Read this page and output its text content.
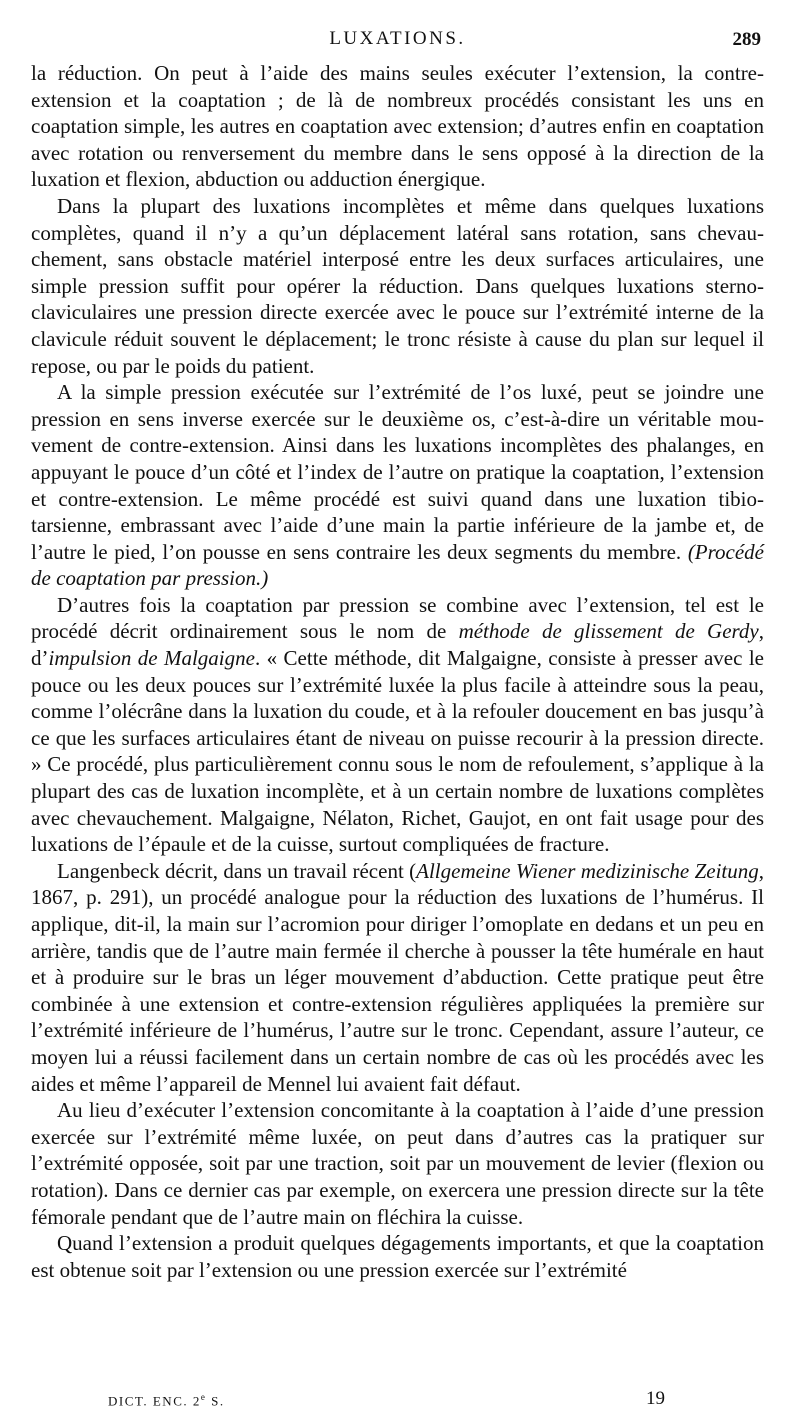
LUXATIONS.	289

la réduction. On peut à l’aide des mains seules exécuter l’extension, la contre-extension et la coaptation ; de là de nombreux procédés consistant les uns en coaptation simple, les autres en coaptation avec extension; d’autres enfin en coaptation avec rotation ou renversement du membre dans le sens opposé à la direction de la luxation et flexion, abduction ou adduction énergique.

Dans la plupart des luxations incomplètes et même dans quelques luxations complètes, quand il n’y a qu’un déplacement latéral sans rotation, sans chevauchement, sans obstacle matériel interposé entre les deux surfaces articulaires, une simple pression suffit pour opérer la réduction. Dans quelques luxations sterno-claviculaires une pression directe exercée avec le pouce sur l’extrémité interne de la clavicule réduit souvent le déplacement; le tronc résiste à cause du plan sur lequel il repose, ou par le poids du patient.

A la simple pression exécutée sur l’extrémité de l’os luxé, peut se joindre une pression en sens inverse exercée sur le deuxième os, c’est-à-dire un véritable mouvement de contre-extension. Ainsi dans les luxations incomplètes des phalanges, en appuyant le pouce d’un côté et l’index de l’autre on pratique la coaptation, l’extension et contre-extension. Le même procédé est suivi quand dans une luxation tibio-tarsienne, embrassant avec l’aide d’une main la partie inférieure de la jambe et, de l’autre le pied, l’on pousse en sens contraire les deux segments du membre. (Procédé de coaptation par pression.)

D’autres fois la coaptation par pression se combine avec l’extension, tel est le procédé décrit ordinairement sous le nom de méthode de glissement de Gerdy, d’impulsion de Malgaigne. « Cette méthode, dit Malgaigne, consiste à presser avec le pouce ou les deux pouces sur l’extrémité luxée la plus facile à atteindre sous la peau, comme l’olécrâne dans la luxation du coude, et à la refouler doucement en bas jusqu’à ce que les surfaces articulaires étant de niveau on puisse recourir à la pression directe. » Ce procédé, plus particulièrement connu sous le nom de refoulement, s’applique à la plupart des cas de luxation incomplète, et à un certain nombre de luxations complètes avec chevauchement. Malgaigne, Nélaton, Richet, Gaujot, en ont fait usage pour des luxations de l’épaule et de la cuisse, surtout compliquées de fracture.

Langenbeck décrit, dans un travail récent (Allgemeine Wiener medizinische Zeitung, 1867, p. 291), un procédé analogue pour la réduction des luxations de l’humérus. Il applique, dit-il, la main sur l’acromion pour diriger l’omoplate en dedans et un peu en arrière, tandis que de l’autre main fermée il cherche à pousser la tête humérale en haut et à produire sur le bras un léger mouvement d’abduction. Cette pratique peut être combinée à une extension et contre-extension régulières appliquées la première sur l’extrémité inférieure de l’humérus, l’autre sur le tronc. Cependant, assure l’auteur, ce moyen lui a réussi facilement dans un certain nombre de cas où les procédés avec les aides et même l’appareil de Mennel lui avaient fait défaut.

Au lieu d’exécuter l’extension concomitante à la coaptation à l’aide d’une pression exercée sur l’extrémité même luxée, on peut dans d’autres cas la pratiquer sur l’extrémité opposée, soit par une traction, soit par un mouvement de levier (flexion ou rotation). Dans ce dernier cas par exemple, on exercera une pression directe sur la tête fémorale pendant que de l’autre main on fléchira la cuisse.

Quand l’extension a produit quelques dégagements importants, et que la coaptation est obtenue soit par l’extension ou une pression exercée sur l’extrémité

DICT. ENC. 2e S.	19
